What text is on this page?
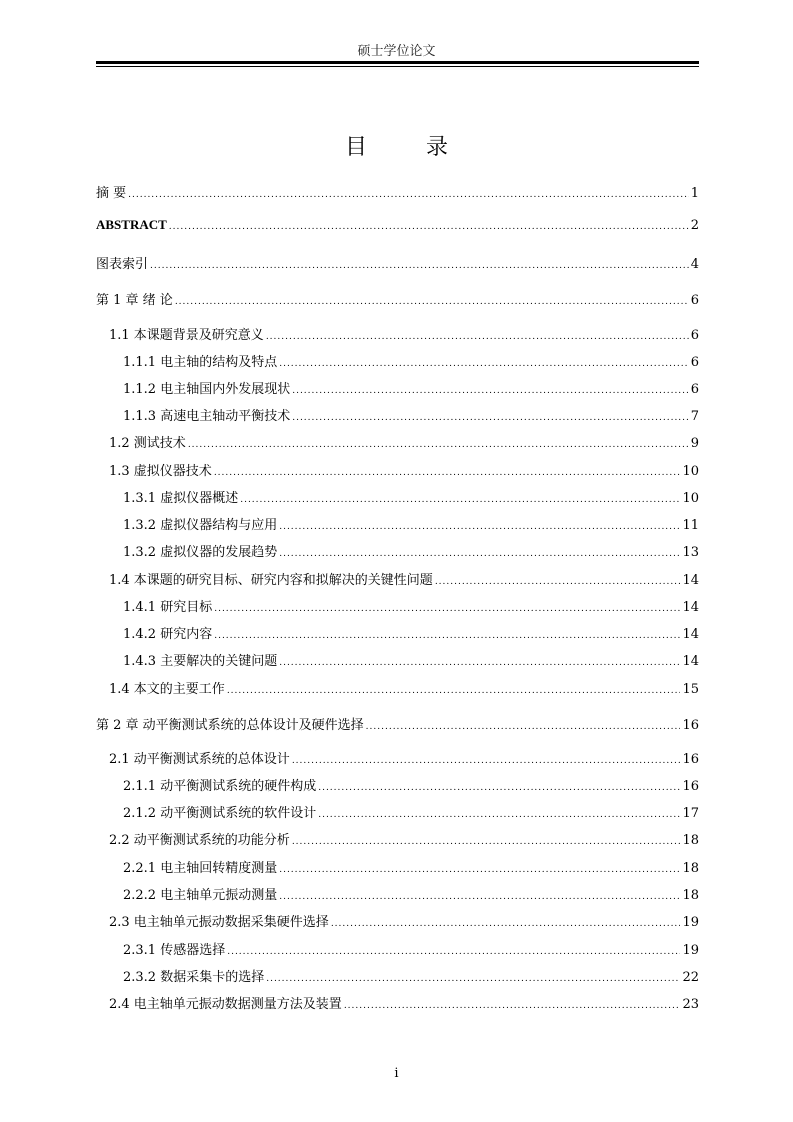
硕士学位论文
目 录
摘 要 .....	1
ABSTRACT .....	2
图表索引 .....	4
第 1 章 绪 论 .....	6
1.1 本课题背景及研究意义 .....	6
1.1.1 电主轴的结构及特点 .....	6
1.1.2 电主轴国内外发展现状 .....	6
1.1.3 高速电主轴动平衡技术 .....	7
1.2 测试技术 .....	9
1.3 虚拟仪器技术 .....	10
1.3.1 虚拟仪器概述 .....	10
1.3.2 虚拟仪器结构与应用 .....	11
1.3.2 虚拟仪器的发展趋势 .....	13
1.4 本课题的研究目标、研究内容和拟解决的关键性问题 .....	14
1.4.1 研究目标 .....	14
1.4.2 研究内容 .....	14
1.4.3 主要解决的关键问题 .....	14
1.4 本文的主要工作 .....	15
第 2 章 动平衡测试系统的总体设计及硬件选择 .....	16
2.1 动平衡测试系统的总体设计 .....	16
2.1.1 动平衡测试系统的硬件构成 .....	16
2.1.2 动平衡测试系统的软件设计 .....	17
2.2 动平衡测试系统的功能分析 .....	18
2.2.1 电主轴回转精度测量 .....	18
2.2.2 电主轴单元振动测量 .....	18
2.3 电主轴单元振动数据采集硬件选择 .....	19
2.3.1 传感器选择 .....	19
2.3.2 数据采集卡的选择 .....	22
2.4 电主轴单元振动数据测量方法及装置 .....	23
i
